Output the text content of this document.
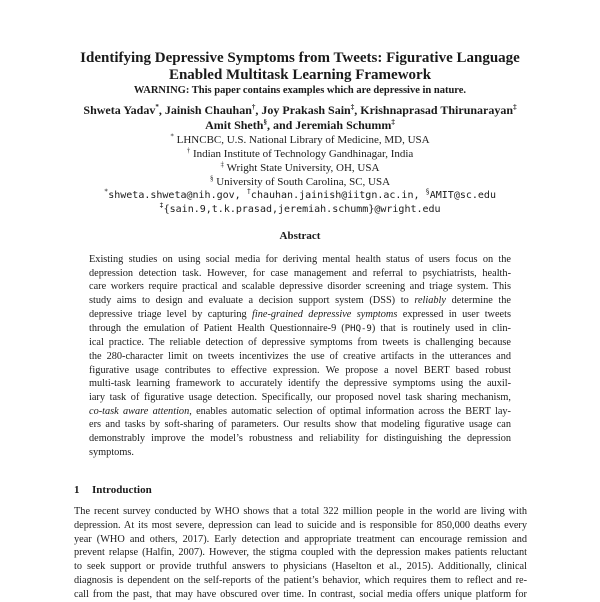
Identifying Depressive Symptoms from Tweets: Figurative Language
Enabled Multitask Learning Framework
WARNING: This paper contains examples which are depressive in nature.
Shweta Yadav*, Jainish Chauhan†, Joy Prakash Sain‡, Krishnaprasad Thirunarayan‡
Amit Sheth§, and Jeremiah Schumm‡
* LHNCBC, U.S. National Library of Medicine, MD, USA
† Indian Institute of Technology Gandhinagar, India
‡ Wright State University, OH, USA
§ University of South Carolina, SC, USA
*shweta.shweta@nih.gov, †chauhan.jainish@iitgn.ac.in, §AMIT@sc.edu
‡{sain.9,t.k.prasad,jeremiah.schumm}@wright.edu
Abstract
Existing studies on using social media for deriving mental health status of users focus on the
depression detection task. However, for case management and referral to psychiatrists, health-
care workers require practical and scalable depressive disorder screening and triage system. This
study aims to design and evaluate a decision support system (DSS) to reliably determine the
depressive triage level by capturing fine-grained depressive symptoms expressed in user tweets
through the emulation of Patient Health Questionnaire-9 (PHQ-9) that is routinely used in clin-
ical practice. The reliable detection of depressive symptoms from tweets is challenging because
the 280-character limit on tweets incentivizes the use of creative artifacts in the utterances and
figurative usage contributes to effective expression. We propose a novel BERT based robust
multi-task learning framework to accurately identify the depressive symptoms using the auxil-
iary task of figurative usage detection. Specifically, our proposed novel task sharing mechanism,
co-task aware attention, enables automatic selection of optimal information across the BERT lay-
ers and tasks by soft-sharing of parameters. Our results show that modeling figurative usage can
demonstrably improve the model’s robustness and reliability for distinguishing the depression
symptoms.
1 Introduction
The recent survey conducted by WHO shows that a total 322 million people in the world are living with
depression. At its most severe, depression can lead to suicide and is responsible for 850,000 deaths every
year (WHO and others, 2017). Early detection and appropriate treatment can encourage remission and
prevent relapse (Halfin, 2007). However, the stigma coupled with the depression makes patients reluctant
to seek support or provide truthful answers to physicians (Haselton et al., 2015). Additionally, clinical
diagnosis is dependent on the self-reports of the patient’s behavior, which requires them to reflect and re-
call from the past, that may have obscured over time. In contrast, social media offers unique platform for
